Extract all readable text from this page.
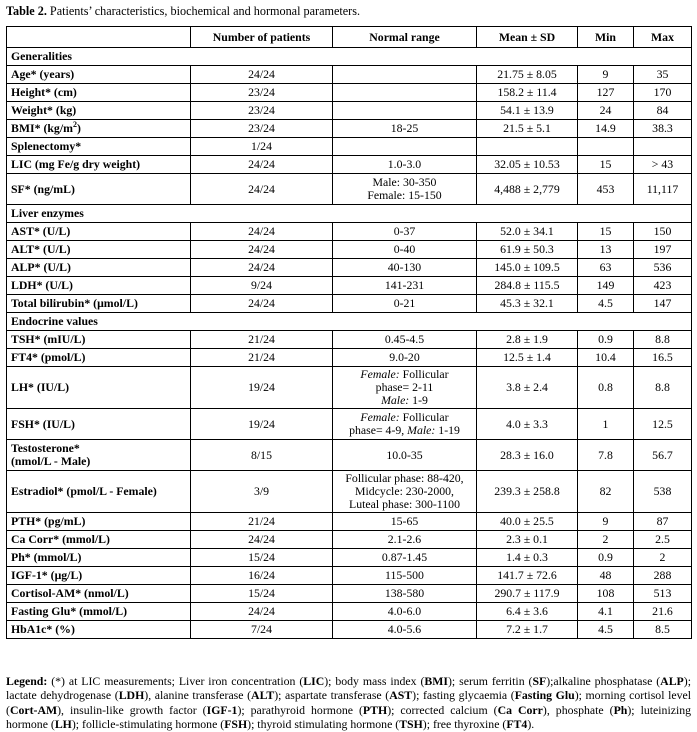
Table 2. Patients’ characteristics, biochemical and hormonal parameters.
	Number of patients	Normal range	Mean ± SD	Min	Max
Generalities					
Age* (years)	24/24		21.75 ± 8.05	9	35
Height* (cm)	23/24		158.2 ± 11.4	127	170
Weight* (kg)	23/24		54.1 ± 13.9	24	84
BMI* $(kg/m^2)$	23/24	18-25	21.5 ± 5.1	14.9	38.3
Splenectomy*	1/24				
LIC (mg Fe/g dry weight)	24/24	1.0-3.0	32.05 ± 10.53	15	> 43
SF* (ng/mL)	24/24	Male: 30-350
Female: 15-150	4,488 ± 2,779	453	11,117
Liver enzymes					
AST* (U/L)	24/24	0-37	52.0 ± 34.1	15	150
ALT* (U/L)	24/24	0-40	61.9 ± 50.3	13	197
ALP* (U/L)	24/24	40-130	145.0 ± 109.5	63	536
LDH* (U/L)	9/24	141-231	284.8 ± 115.5	149	423
Total bilirubin* (μmol/L)	24/24	0-21	45.3 ± 32.1	4.5	147
Endocrine values					
TSH* (mIU/L)	21/24	0.45-4.5	2.8 ± 1.9	0.9	8.8
FT4* (pmol/L)	21/24	9.0-20	12.5 ± 1.4	10.4	16.5
LH* (IU/L)	19/24	Female: Follicular
phase= 2-11
Male: 1-9	3.8 ± 2.4	0.8	8.8
FSH* (IU/L)	19/24	Female: Follicular
phase= 4-9, Male: 1-19	4.0 ± 3.3	1	12.5

Testosterone*
(nmol/L - Male)	8/15	10.0-35	28.3 ± 16.0	7.8	56.7
Estradiol* (pmol/L - Female)	3/9	Follicular phase: 88-420,
Midcycle: 230-2000,
Luteal phase: 300-1100	239.3 ± 258.8	82	538
PTH* (pg/mL)	21/24	15-65	40.0 ± 25.5	9	87
Ca Corr* (mmol/L)	24/24	2.1-2.6	2.3 ± 0.1	2	2.5
Ph* (mmol/L)	15/24	0.87-1.45	1.4 ± 0.3	0.9	2
IGF-1* (μg/L)	16/24	115-500	141.7 ± 72.6	48	288
Cortisol-AM* (nmol/L)	15/24	138-580	290.7 ± 117.9	108	513
Fasting Glu* (mmol/L)	24/24	4.0-6.0	6.4 ± 3.6	4.1	21.6
HbA1c* (%)	7/24	4.0-5.6	7.2 ± 1.7	4.5	8.5
Legend: (*) at LIC measurements; Liver iron concentration (LIC); body mass index (BMI); serum ferritin (SF);alkaline phosphatase (ALP); lactate dehydrogenase (LDH), alanine transferase (ALT); aspartate transferase (AST); fasting glycaemia (Fasting Glu); morning cortisol level (Cort-AM), insulin-like growth factor (IGF-1); parathyroid hormone (PTH); corrected calcium (Ca Corr), phosphate (Ph); luteinizing hormone (LH); follicle-stimulating hormone (FSH); thyroid stimulating hormone (TSH); free thyroxine (FT4).
